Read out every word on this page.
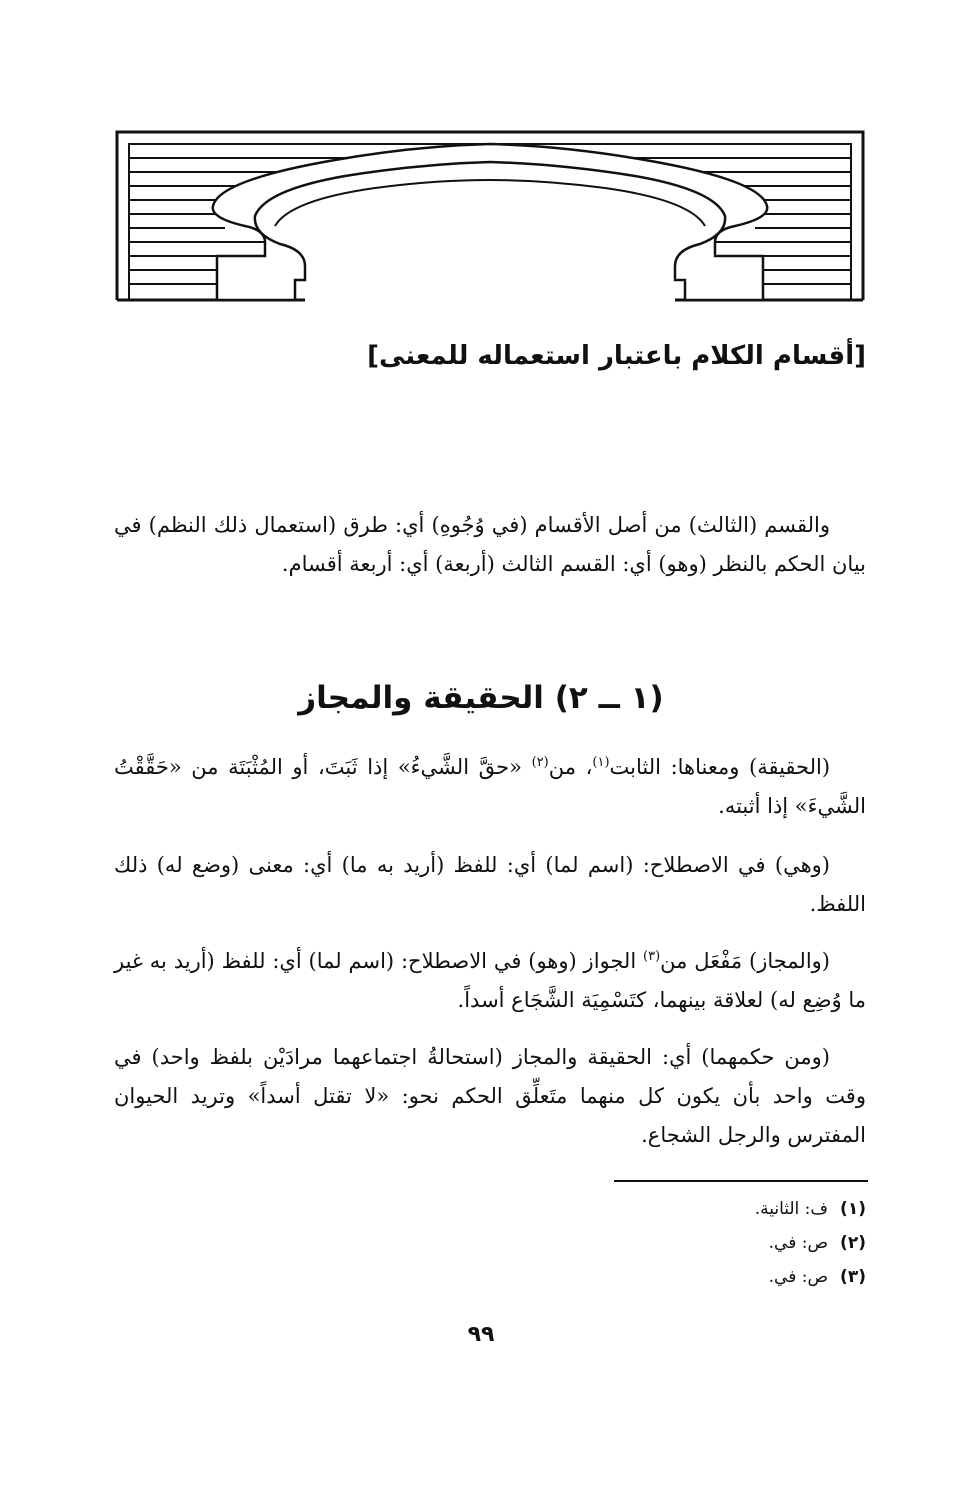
[أقسام الكلام باعتبار استعماله للمعنى]

والقسم (الثالث) من أصل الأقسام (في وُجُوهِ) أي: طرق (استعمال ذلك النظم) في بيان الحكم بالنظر (وهو) أي: القسم الثالث (أربعة) أي: أربعة أقسام.

(١ ــ ٢) الحقيقة والمجاز

(الحقيقة) ومعناها: الثابت$^{(١)}$، من$^{(٢)}$ «حقَّ الشَّيءُ» إذا ثَبَتَ، أو المُثْبَتَة من «حَقَّقْتُ الشَّيءَ» إذا أثبته.

(وهي) في الاصطلاح: (اسم لما) أي: للفظ (أريد به ما) أي: معنى (وضع له) ذلك اللفظ.

(والمجاز) مَفْعَل من$^{(٣)}$ الجواز (وهو) في الاصطلاح: (اسم لما) أي: للفظ (أريد به غير ما وُضِع له) لعلاقة بينهما، كتَسْمِيَة الشَّجَاع أسداً.

(ومن حكمهما) أي: الحقيقة والمجاز (استحالةُ اجتماعهما مرادَيْن بلفظ واحد) في وقت واحد بأن يكون كل منهما متَعلِّق الحكم نحو: «لا تقتل أسداً» وتريد الحيوان المفترس والرجل الشجاع.

(١)ف: الثانية.
(٢)ص: في.
(٣)ص: في.
٩٩
